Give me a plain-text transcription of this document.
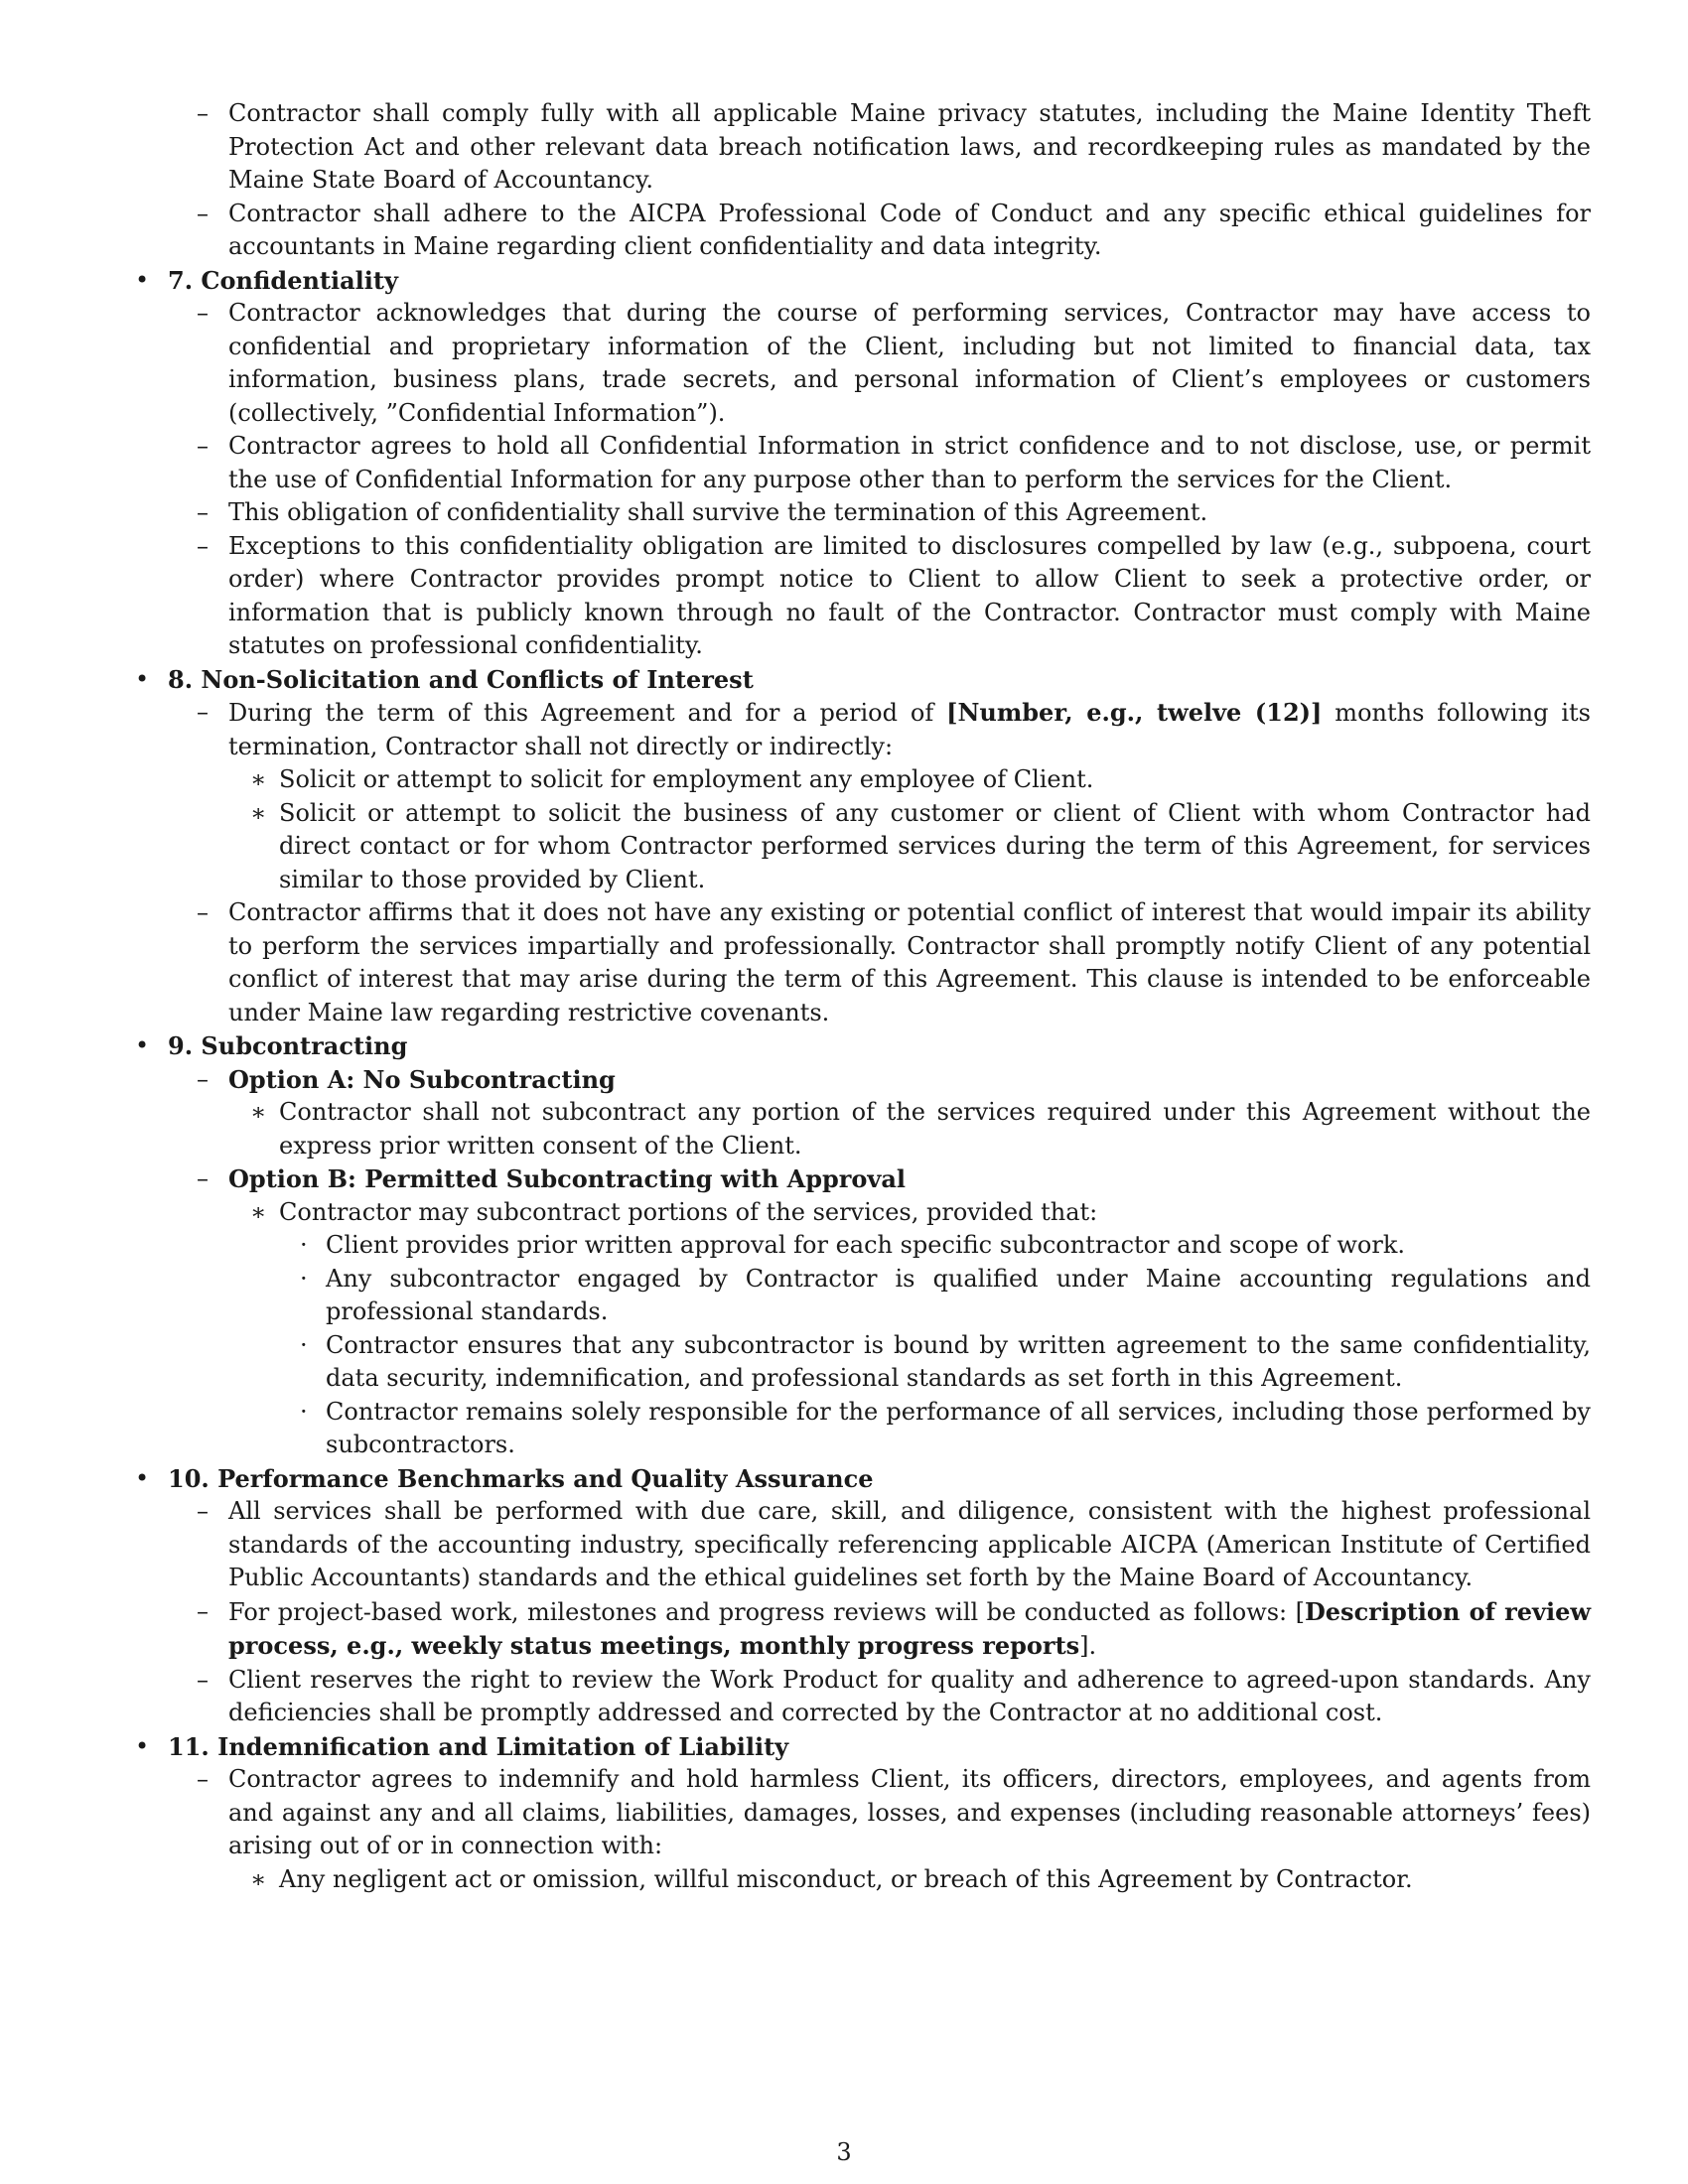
– Contractor shall comply fully with all applicable Maine privacy statutes, including the Maine Identity Theft Protection Act and other relevant data breach notification laws, and recordkeeping rules as mandated by the Maine State Board of Accountancy.

– Contractor shall adhere to the AICPA Professional Code of Conduct and any specific ethical guidelines for accountants in Maine regarding client confidentiality and data integrity.

• 7. Confidentiality

– Contractor acknowledges that during the course of performing services, Contractor may have access to confidential and proprietary information of the Client, including but not limited to financial data, tax information, business plans, trade secrets, and personal information of Client’s employees or customers (collectively, ”Confidential Information”).

– Contractor agrees to hold all Confidential Information in strict confidence and to not disclose, use, or permit the use of Confidential Information for any purpose other than to perform the services for the Client.

– This obligation of confidentiality shall survive the termination of this Agreement.

– Exceptions to this confidentiality obligation are limited to disclosures compelled by law (e.g., subpoena, court order) where Contractor provides prompt notice to Client to allow Client to seek a protective order, or information that is publicly known through no fault of the Contractor. Contractor must comply with Maine statutes on professional confidentiality.

• 8. Non-Solicitation and Conflicts of Interest

– During the term of this Agreement and for a period of [Number, e.g., twelve (12)] months following its termination, Contractor shall not directly or indirectly:

∗ Solicit or attempt to solicit for employment any employee of Client.

∗ Solicit or attempt to solicit the business of any customer or client of Client with whom Contractor had direct contact or for whom Contractor performed services during the term of this Agreement, for services similar to those provided by Client.

– Contractor affirms that it does not have any existing or potential conflict of interest that would impair its ability to perform the services impartially and professionally. Contractor shall promptly notify Client of any potential conflict of interest that may arise during the term of this Agreement. This clause is intended to be enforceable under Maine law regarding restrictive covenants.

• 9. Subcontracting

– Option A: No Subcontracting

∗ Contractor shall not subcontract any portion of the services required under this Agreement without the express prior written consent of the Client.

– Option B: Permitted Subcontracting with Approval

∗ Contractor may subcontract portions of the services, provided that:

· Client provides prior written approval for each specific subcontractor and scope of work.

· Any subcontractor engaged by Contractor is qualified under Maine accounting regulations and professional standards.

· Contractor ensures that any subcontractor is bound by written agreement to the same confidentiality, data security, indemnification, and professional standards as set forth in this Agreement.

· Contractor remains solely responsible for the performance of all services, including those performed by subcontractors.

• 10. Performance Benchmarks and Quality Assurance

– All services shall be performed with due care, skill, and diligence, consistent with the highest professional standards of the accounting industry, specifically referencing applicable AICPA (American Institute of Certified Public Accountants) standards and the ethical guidelines set forth by the Maine Board of Accountancy.

– For project-based work, milestones and progress reviews will be conducted as follows: [Description of review process, e.g., weekly status meetings, monthly progress reports].

– Client reserves the right to review the Work Product for quality and adherence to agreed-upon standards. Any deficiencies shall be promptly addressed and corrected by the Contractor at no additional cost.

• 11. Indemnification and Limitation of Liability

– Contractor agrees to indemnify and hold harmless Client, its officers, directors, employees, and agents from and against any and all claims, liabilities, damages, losses, and expenses (including reasonable attorneys’ fees) arising out of or in connection with:

∗ Any negligent act or omission, willful misconduct, or breach of this Agreement by Contractor.

3
